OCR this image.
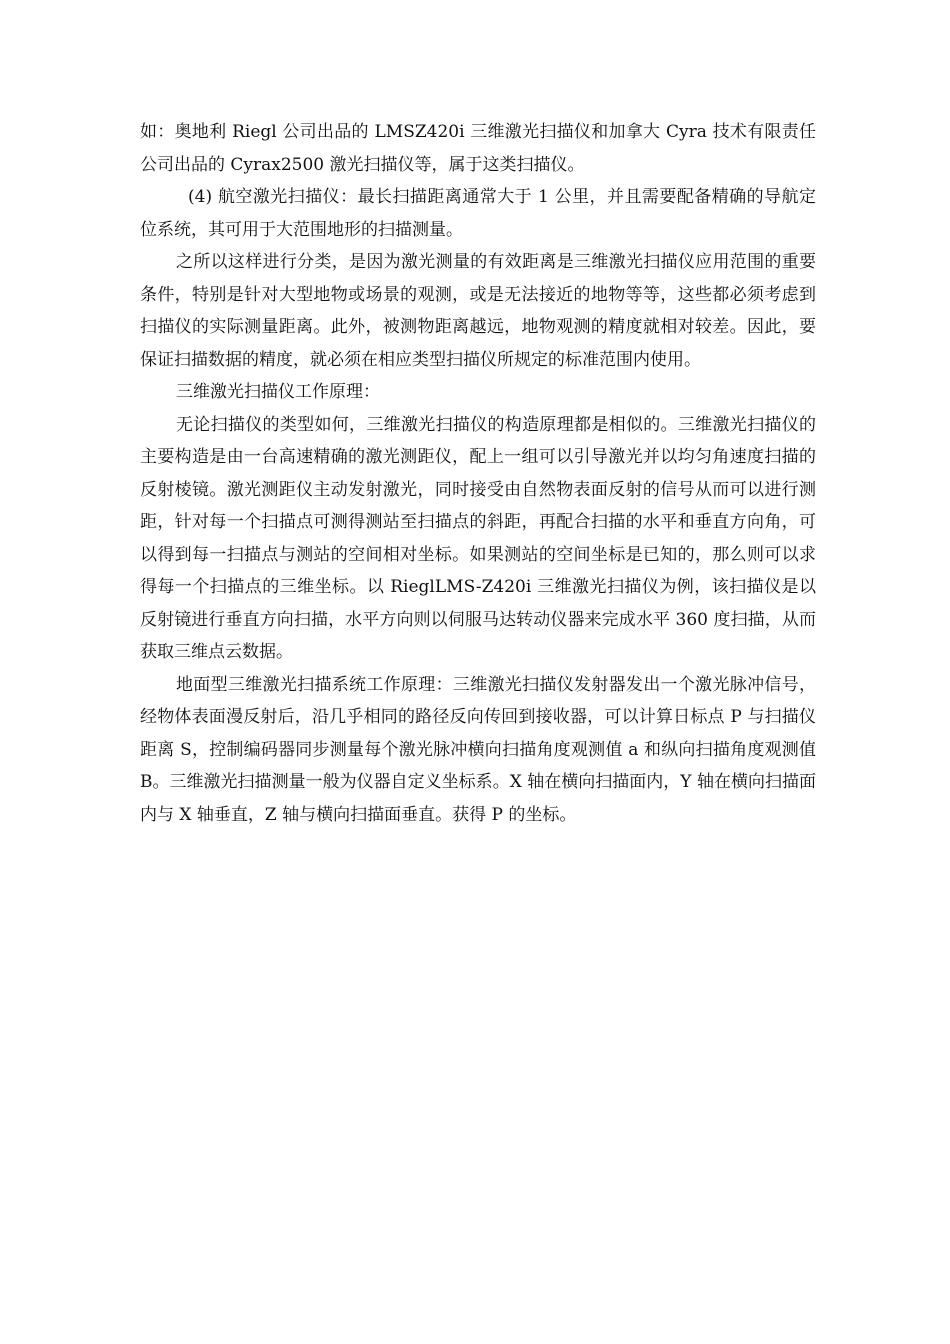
如：奥地利 Riegl 公司出品的 LMSZ420i 三维激光扫描仪和加拿大 Cyra 技术有限责任公司出品的 Cyrax2500 激光扫描仪等，属于这类扫描仪。

(4) 航空激光扫描仪：最长扫描距离通常大于 1 公里，并且需要配备精确的导航定位系统，其可用于大范围地形的扫描测量。

之所以这样进行分类，是因为激光测量的有效距离是三维激光扫描仪应用范围的重要条件，特别是针对大型地物或场景的观测，或是无法接近的地物等等，这些都必须考虑到扫描仪的实际测量距离。此外，被测物距离越远，地物观测的精度就相对较差。因此，要保证扫描数据的精度，就必须在相应类型扫描仪所规定的标准范围内使用。

三维激光扫描仪工作原理：

无论扫描仪的类型如何，三维激光扫描仪的构造原理都是相似的。三维激光扫描仪的主要构造是由一台高速精确的激光测距仪，配上一组可以引导激光并以均匀角速度扫描的反射棱镜。激光测距仪主动发射激光，同时接受由自然物表面反射的信号从而可以进行测距，针对每一个扫描点可测得测站至扫描点的斜距，再配合扫描的水平和垂直方向角，可以得到每一扫描点与测站的空间相对坐标。如果测站的空间坐标是已知的，那么则可以求得每一个扫描点的三维坐标。以 RieglLMS-Z420i 三维激光扫描仪为例，该扫描仪是以反射镜进行垂直方向扫描，水平方向则以伺服马达转动仪器来完成水平 360 度扫描，从而获取三维点云数据。

地面型三维激光扫描系统工作原理：三维激光扫描仪发射器发出一个激光脉冲信号，经物体表面漫反射后，沿几乎相同的路径反向传回到接收器，可以计算日标点 P 与扫描仪距离 S，控制编码器同步测量每个激光脉冲横向扫描角度观测值 a 和纵向扫描角度观测值 B。三维激光扫描测量一般为仪器自定义坐标系。X 轴在横向扫描面内，Y 轴在横向扫描面内与 X 轴垂直，Z 轴与横向扫描面垂直。获得 P 的坐标。
